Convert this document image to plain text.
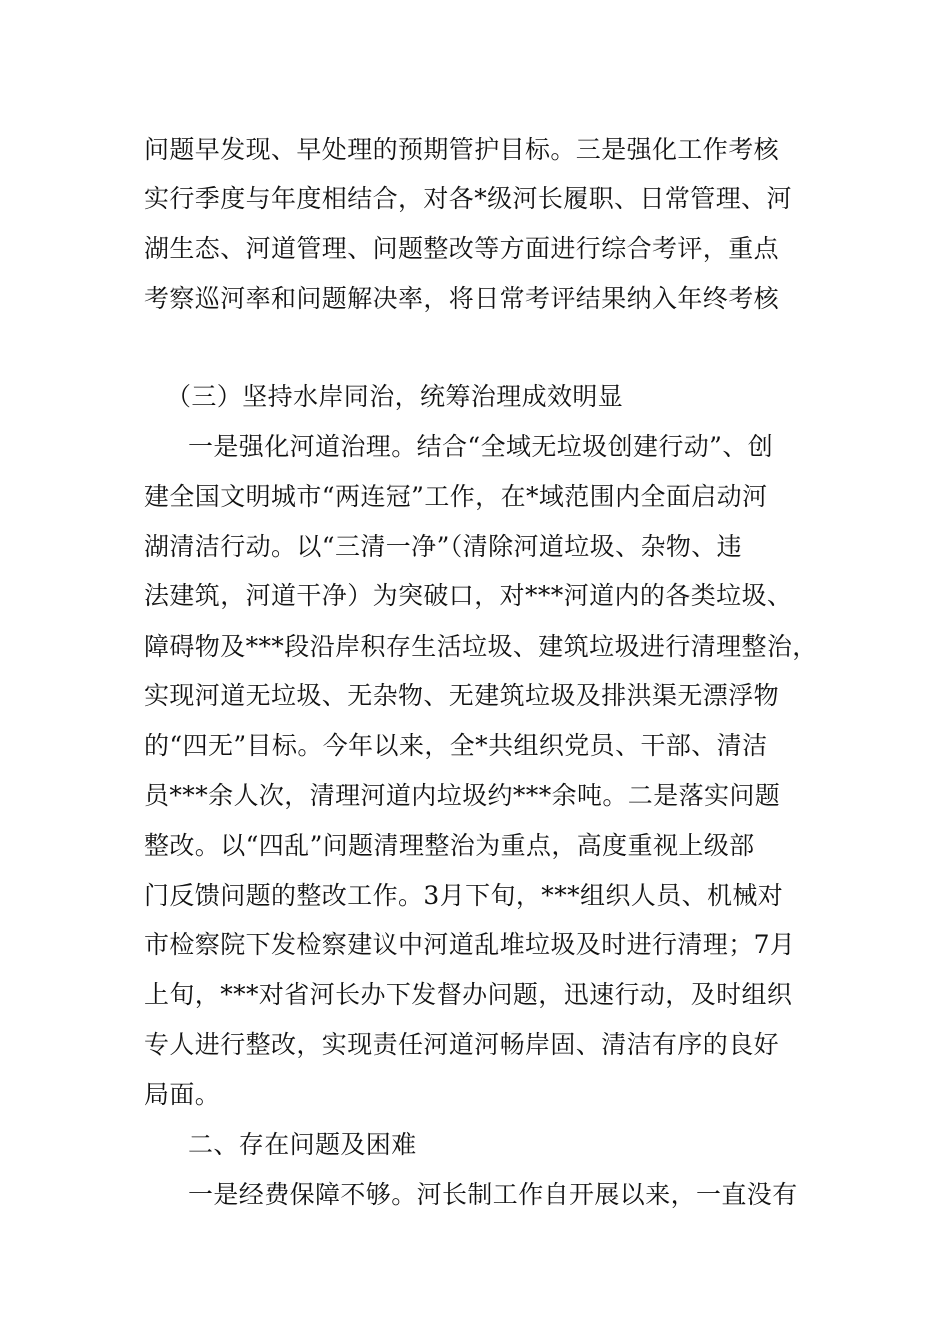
问题早发现、早处理的预期管护目标。三是强化工作考核
实行季度与年度相结合，对各*级河长履职、日常管理、河
湖生态、河道管理、问题整改等方面进行综合考评，重点
考察巡河率和问题解决率，将日常考评结果纳入年终考核
（三）坚持水岸同治，统筹治理成效明显
一是强化河道治理。结合“全域无垃圾创建行动”、创
建全国文明城市“两连冠”工作，在*域范围内全面启动河
湖清洁行动。以“三清一净”（清除河道垃圾、杂物、违
法建筑，河道干净）为突破口，对***河道内的各类垃圾、
障碍物及***段沿岸积存生活垃圾、建筑垃圾进行清理整治，
实现河道无垃圾、无杂物、无建筑垃圾及排洪渠无漂浮物
的“四无”目标。今年以来，全*共组织党员、干部、清洁
员***余人次，清理河道内垃圾约***余吨。二是落实问题
整改。以“四乱”问题清理整治为重点，高度重视上级部
门反馈问题的整改工作。3月下旬，***组织人员、机械对
市检察院下发检察建议中河道乱堆垃圾及时进行清理；7月
上旬，***对省河长办下发督办问题，迅速行动，及时组织
专人进行整改，实现责任河道河畅岸固、清洁有序的良好
局面。
二、存在问题及困难
一是经费保障不够。河长制工作自开展以来，一直没有
